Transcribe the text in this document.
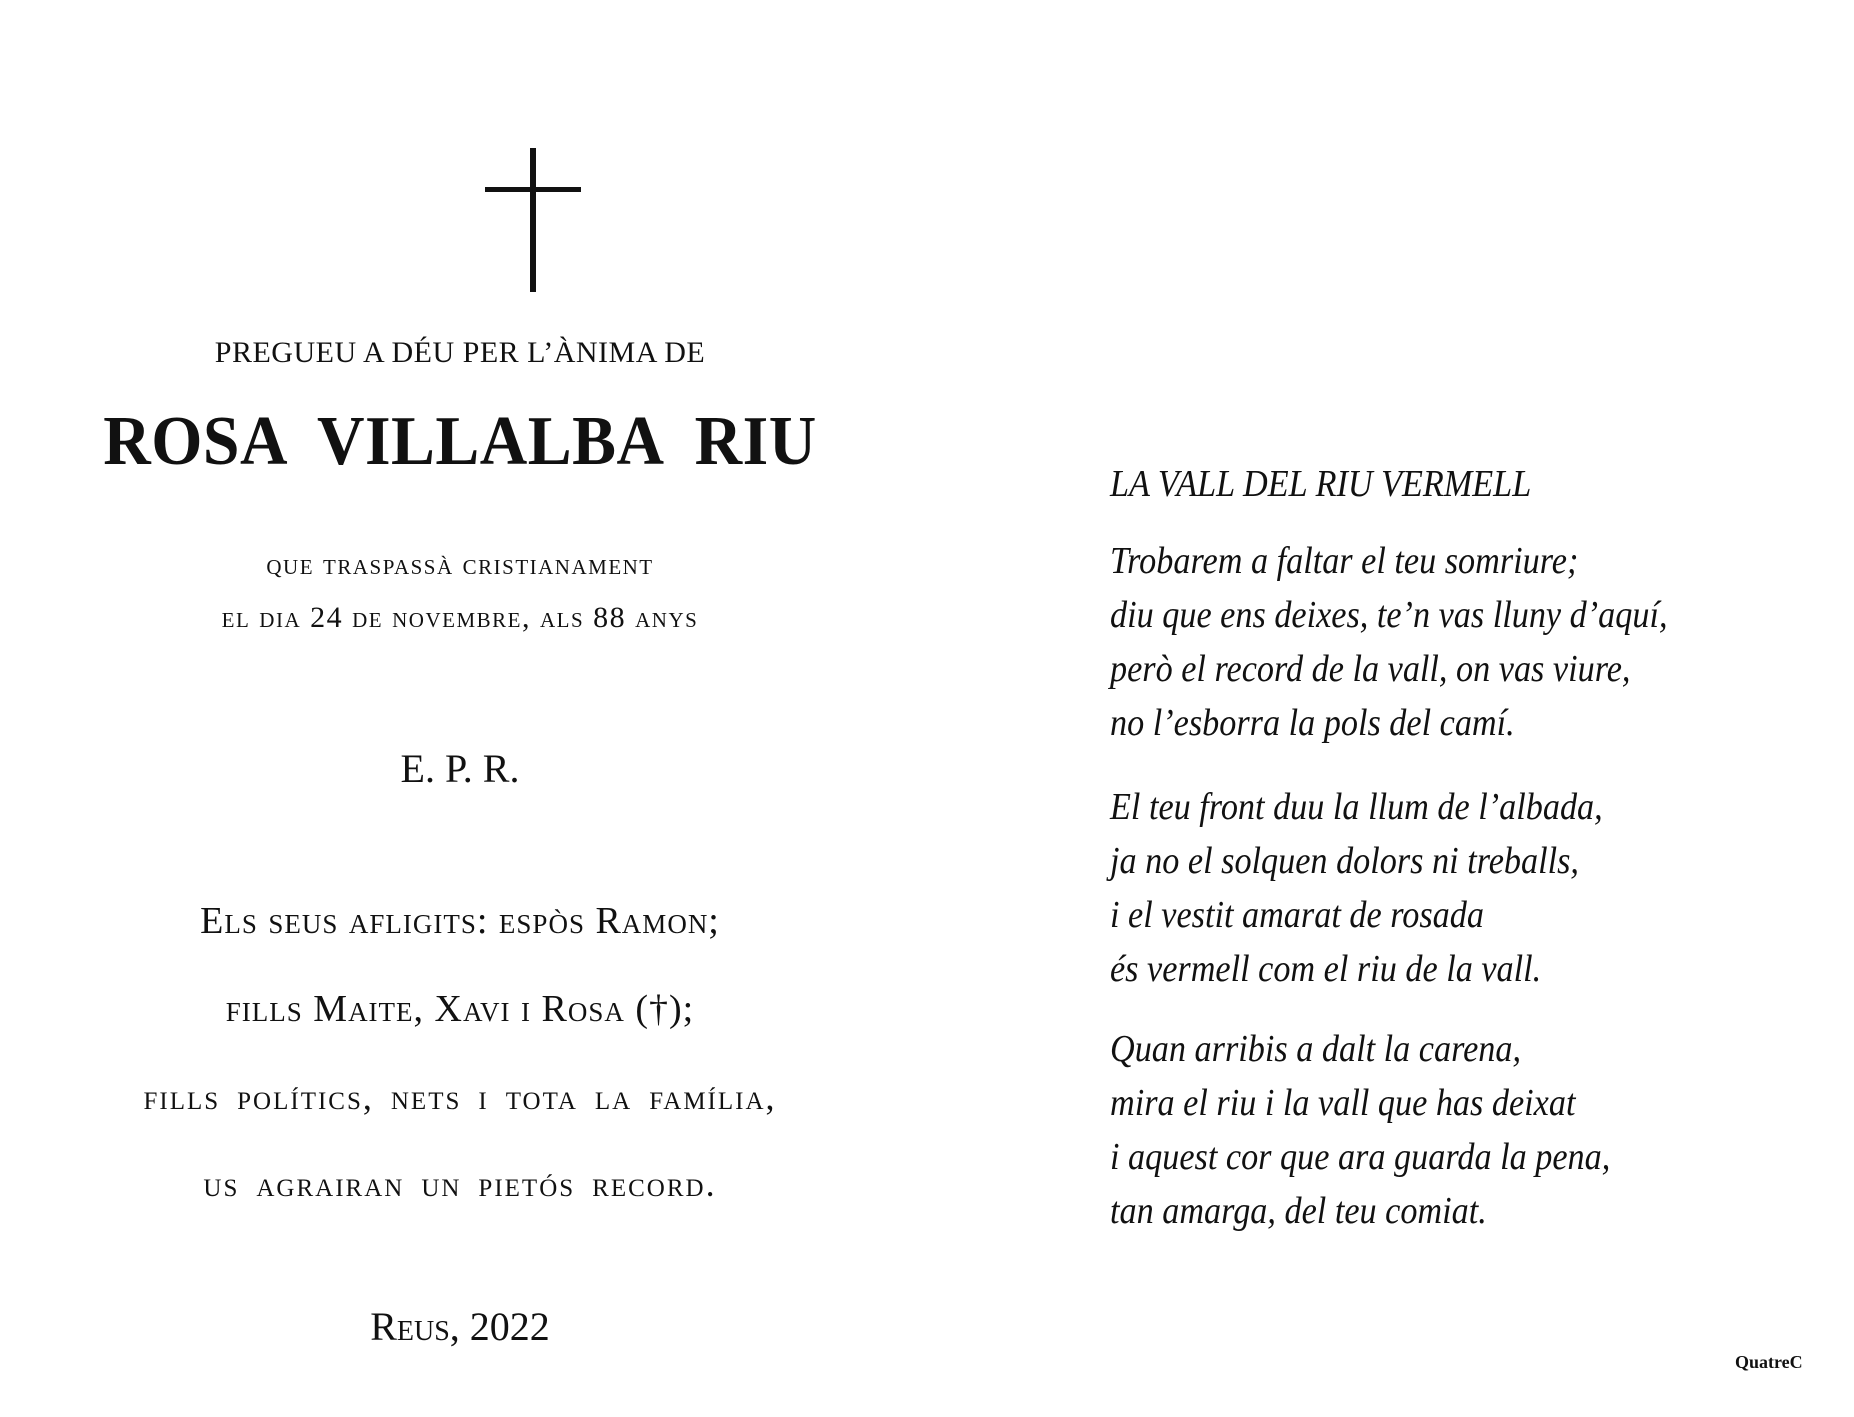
PREGUEU A DÉU PER L’ÀNIMA DE
ROSA VILLALBA RIU
que traspassà cristianament
el dia 24 de novembre, als 88 anys
E. P. R.
Els seus afligits: espòs Ramon;
fills Maite, Xavi i Rosa (†);
fills polítics, nets i tota la família,
us agrairan un pietós record.
Reus, 2022
LA VALL DEL RIU VERMELL
Trobarem a faltar el teu somriure;
diu que ens deixes, te’n vas lluny d’aquí,
però el record de la vall, on vas viure,
no l’esborra la pols del camí.
El teu front duu la llum de l’albada,
ja no el solquen dolors ni treballs,
i el vestit amarat de rosada
és vermell com el riu de la vall.
Quan arribis a dalt la carena,
mira el riu i la vall que has deixat
i aquest cor que ara guarda la pena,
tan amarga, del teu comiat.
QuatreC
